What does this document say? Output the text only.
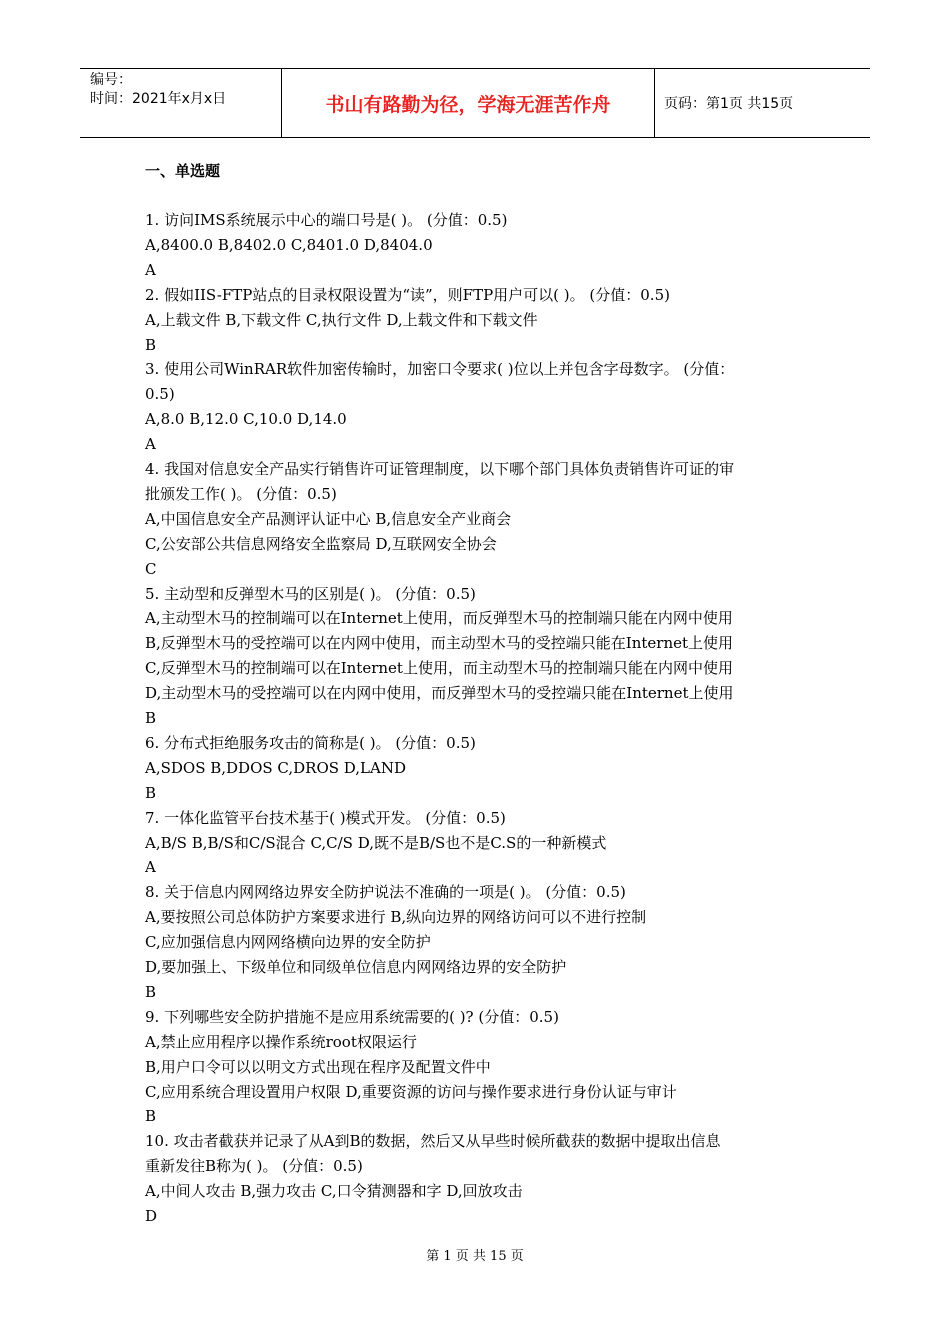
编号：
时间：2021年x月x日	书山有路勤为径，学海无涯苦作舟	页码：第1页 共15页
一、单选题
1. 访问IMS系统展示中心的端口号是( )。 (分值：0.5)
A,8400.0 B,8402.0 C,8401.0 D,8404.0
A
2. 假如IIS-FTP站点的目录权限设置为“读”，则FTP用户可以( )。 (分值：0.5)
A,上载文件 B,下载文件 C,执行文件 D,上载文件和下载文件
B
3. 使用公司WinRAR软件加密传输时，加密口令要求( )位以上并包含字母数字。 (分值：
0.5)
A,8.0 B,12.0 C,10.0 D,14.0
A
4. 我国对信息安全产品实行销售许可证管理制度，以下哪个部门具体负责销售许可证的审
批颁发工作( )。 (分值：0.5)
A,中国信息安全产品测评认证中心 B,信息安全产业商会
C,公安部公共信息网络安全监察局 D,互联网安全协会
C
5. 主动型和反弹型木马的区别是( )。 (分值：0.5)
A,主动型木马的控制端可以在Internet上使用，而反弹型木马的控制端只能在内网中使用
B,反弹型木马的受控端可以在内网中使用，而主动型木马的受控端只能在Internet上使用
C,反弹型木马的控制端可以在Internet上使用，而主动型木马的控制端只能在内网中使用
D,主动型木马的受控端可以在内网中使用，而反弹型木马的受控端只能在Internet上使用
B
6. 分布式拒绝服务攻击的简称是( )。 (分值：0.5)
A,SDOS B,DDOS C,DROS D,LAND
B
7. 一体化监管平台技术基于( )模式开发。 (分值：0.5)
A,B/S B,B/S和C/S混合 C,C/S D,既不是B/S也不是C.S的一种新模式
A
8. 关于信息内网网络边界安全防护说法不准确的一项是( )。 (分值：0.5)
A,要按照公司总体防护方案要求进行 B,纵向边界的网络访问可以不进行控制
C,应加强信息内网网络横向边界的安全防护
D,要加强上、下级单位和同级单位信息内网网络边界的安全防护
B
9. 下列哪些安全防护措施不是应用系统需要的( )? (分值：0.5)
A,禁止应用程序以操作系统root权限运行
B,用户口令可以以明文方式出现在程序及配置文件中
C,应用系统合理设置用户权限 D,重要资源的访问与操作要求进行身份认证与审计
B
10. 攻击者截获并记录了从A到B的数据，然后又从早些时候所截获的数据中提取出信息
重新发往B称为( )。 (分值：0.5)
A,中间人攻击 B,强力攻击 C,口令猜测器和字 D,回放攻击
D
第 1 页 共 15 页
